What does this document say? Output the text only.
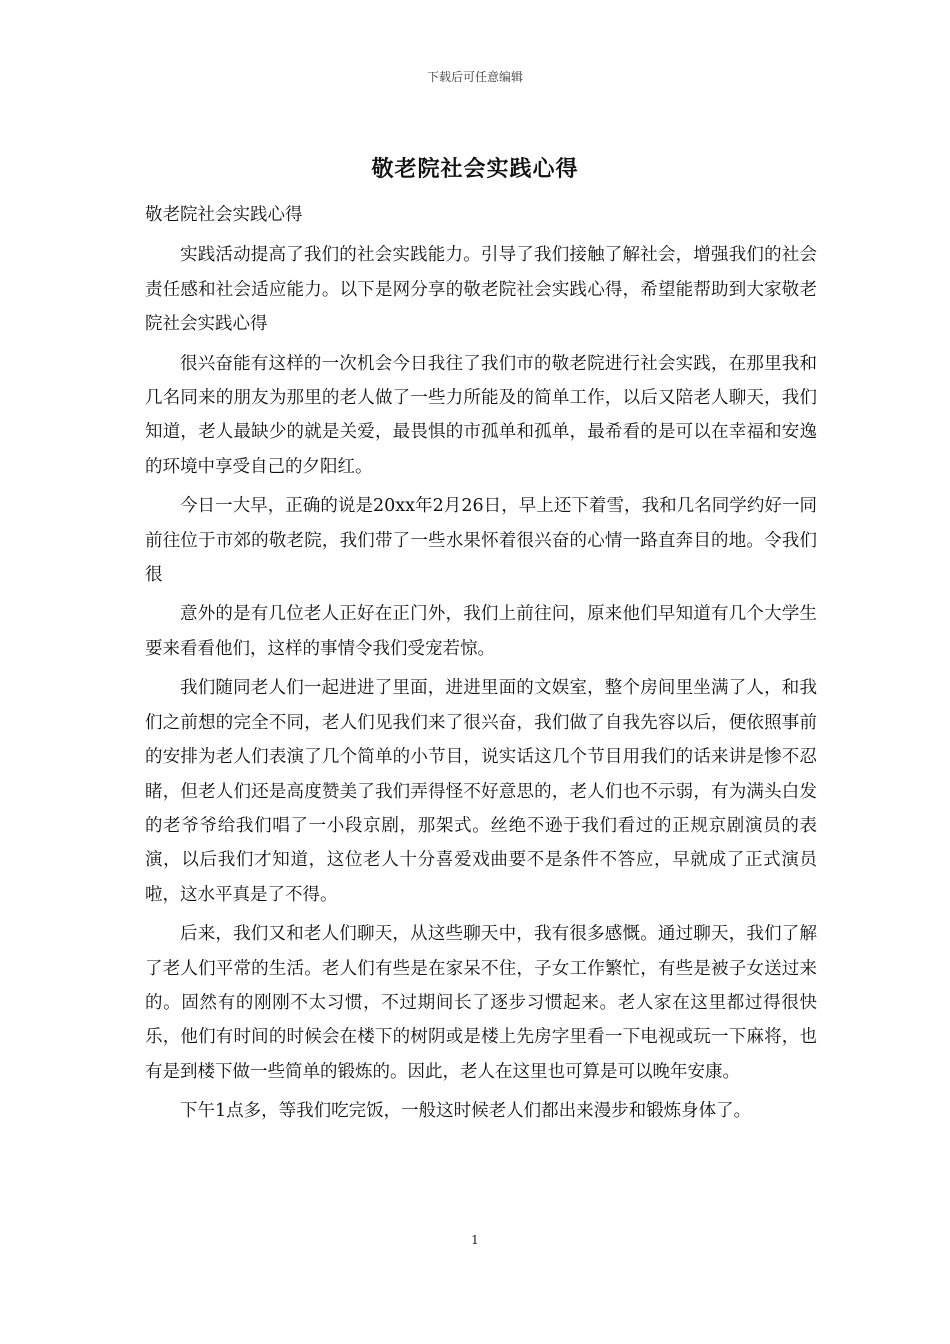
下载后可任意编辑
敬老院社会实践心得

敬老院社会实践心得

实践活动提高了我们的社会实践能力。引导了我们接触了解社会，增强我们的社会责任感和社会适应能力。以下是网分享的敬老院社会实践心得，希望能帮助到大家敬老院社会实践心得

很兴奋能有这样的一次机会今日我往了我们市的敬老院进行社会实践，在那里我和几名同来的朋友为那里的老人做了一些力所能及的简单工作，以后又陪老人聊天，我们知道，老人最缺少的就是关爱，最畏惧的市孤单和孤单，最希看的是可以在幸福和安逸的环境中享受自己的夕阳红。

今日一大早，正确的说是20xx年2月26日，早上还下着雪，我和几名同学约好一同前往位于市郊的敬老院，我们带了一些水果怀着很兴奋的心情一路直奔目的地。令我们很

意外的是有几位老人正好在正门外，我们上前往问，原来他们早知道有几个大学生要来看看他们，这样的事情令我们受宠若惊。

我们随同老人们一起进进了里面，进进里面的文娱室，整个房间里坐满了人，和我们之前想的完全不同，老人们见我们来了很兴奋，我们做了自我先容以后，便依照事前的安排为老人们表演了几个简单的小节目，说实话这几个节目用我们的话来讲是惨不忍睹，但老人们还是高度赞美了我们弄得怪不好意思的，老人们也不示弱，有为满头白发的老爷爷给我们唱了一小段京剧，那架式。丝绝不逊于我们看过的正规京剧演员的表演，以后我们才知道，这位老人十分喜爱戏曲要不是条件不答应，早就成了正式演员啦，这水平真是了不得。

后来，我们又和老人们聊天，从这些聊天中，我有很多感慨。通过聊天，我们了解了老人们平常的生活。老人们有些是在家呆不住，子女工作繁忙，有些是被子女送过来的。固然有的刚刚不太习惯，不过期间长了逐步习惯起来。老人家在这里都过得很快乐，他们有时间的时候会在楼下的树阴或是楼上先房字里看一下电视或玩一下麻将，也有是到楼下做一些简单的锻炼的。因此，老人在这里也可算是可以晚年安康。

下午1点多，等我们吃完饭，一般这时候老人们都出来漫步和锻炼身体了。

1
